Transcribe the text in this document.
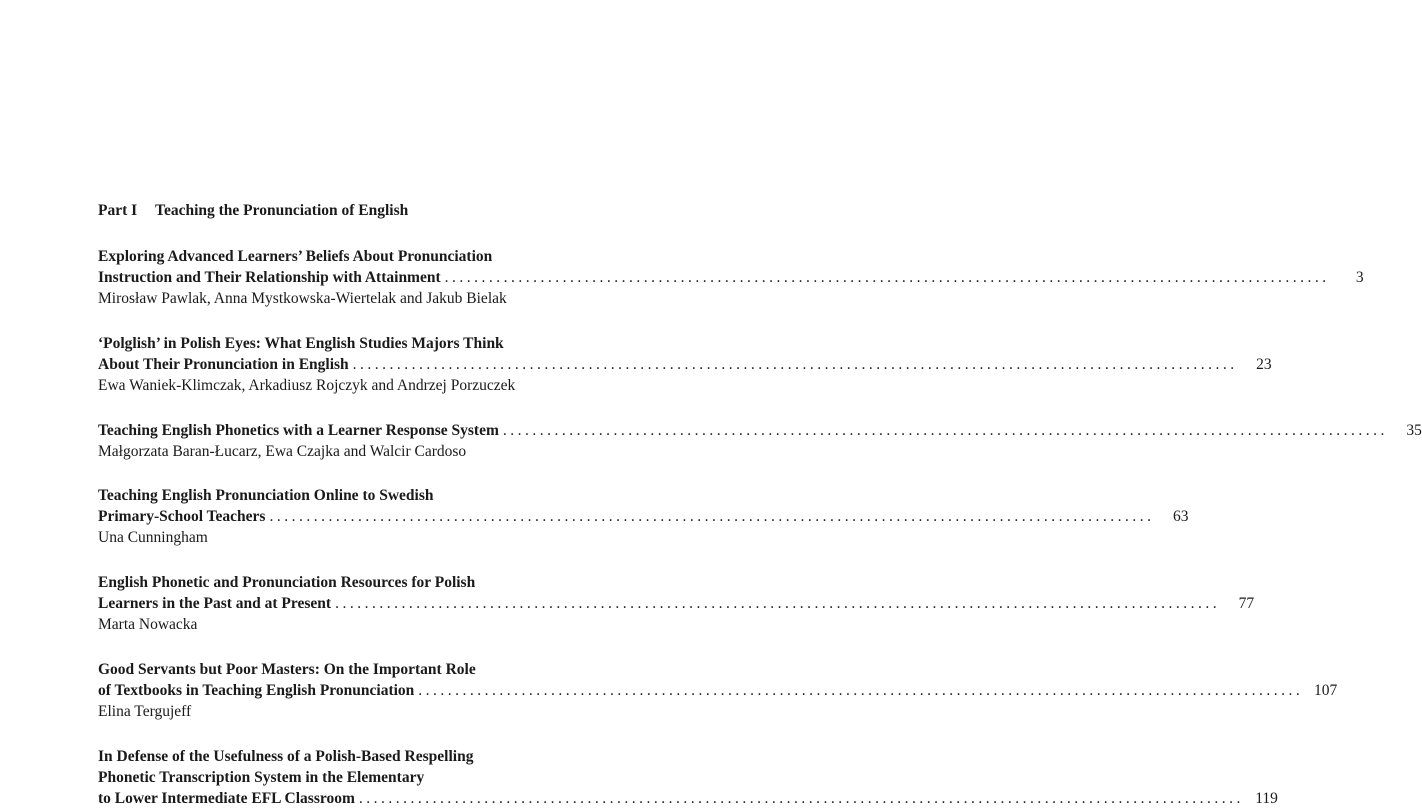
Part I Teaching the Pronunciation of English
Exploring Advanced Learners’ Beliefs About Pronunciation
Instruction and Their Relationship with Attainment ........................................................................................................................	3
Mirosław Pawlak, Anna Mystkowska-Wiertelak and Jakub Bielak
‘Polglish’ in Polish Eyes: What English Studies Majors Think
About Their Pronunciation in English ........................................................................................................................	23
Ewa Waniek-Klimczak, Arkadiusz Rojczyk and Andrzej Porzuczek
Teaching English Phonetics with a Learner Response System ........................................................................................................................	35
Małgorzata Baran-Łucarz, Ewa Czajka and Walcir Cardoso
Teaching English Pronunciation Online to Swedish
Primary-School Teachers ........................................................................................................................	63
Una Cunningham
English Phonetic and Pronunciation Resources for Polish
Learners in the Past and at Present ........................................................................................................................	77
Marta Nowacka
Good Servants but Poor Masters: On the Important Role
of Textbooks in Teaching English Pronunciation ........................................................................................................................ 107
Elina Tergujeff
In Defense of the Usefulness of a Polish-Based Respelling
Phonetic Transcription System in the Elementary
to Lower Intermediate EFL Classroom ........................................................................................................................ 119
